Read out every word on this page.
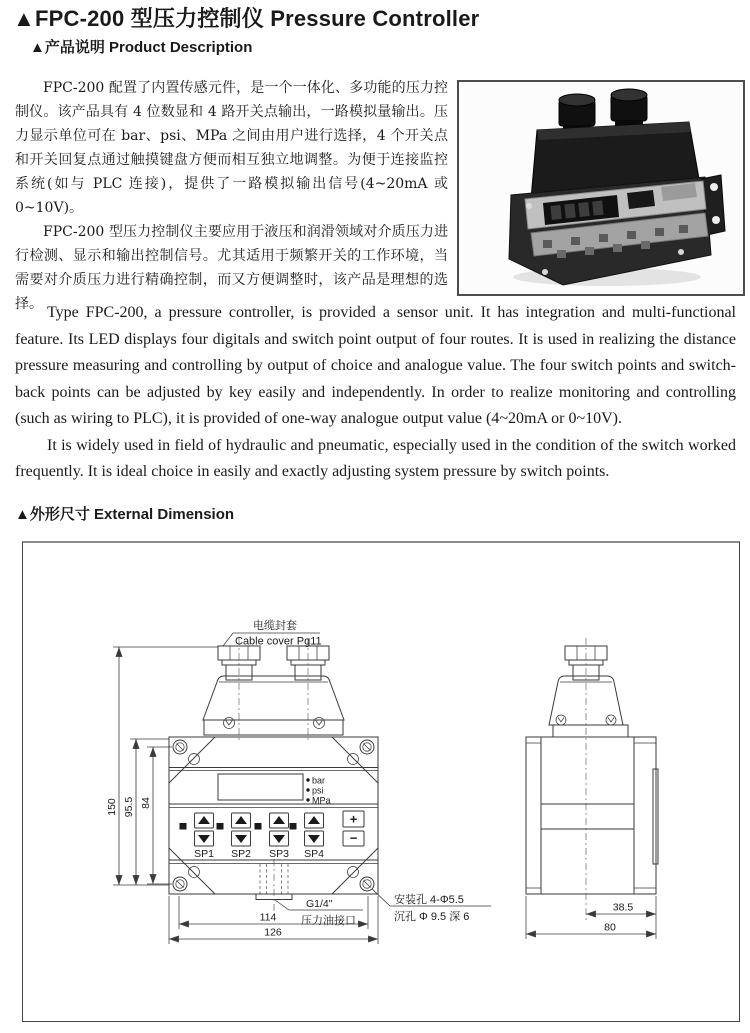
▲FPC-200 型压力控制仪 Pressure Controller
▲产品说明 Product Description

FPC-200 配置了内置传感元件，是一个一体化、多功能的压力控制仪。该产品具有 4 位数显和 4 路开关点输出，一路模拟量输出。压力显示单位可在 bar、psi、MPa 之间由用户进行选择，4 个开关点和开关回复点通过触摸键盘方便而相互独立地调整。为便于连接监控系统(如与 PLC 连接)，提供了一路模拟输出信号(4~20mA 或 0~10V)。

FPC-200 型压力控制仪主要应用于液压和润滑领域对介质压力进行检测、显示和输出控制信号。尤其适用于频繁开关的工作环境，当需要对介质压力进行精确控制，而又方便调整时，该产品是理想的选择。 Type FPC-200, a pressure controller, is provided a sensor unit. It has integration and multi-functional feature. Its LED displays four digitals and switch point output of four routes. It is used in realizing the distance pressure measuring and controlling by output of choice and analogue value. The four switch points and switch-back points can be adjusted by key easily and independently. In order to realize monitoring and controlling (such as wiring to PLC), it is provided of one-way analogue output value (4~20mA or 0~10V).

It is widely used in field of hydraulic and pneumatic, especially used in the condition of the switch worked frequently. It is ideal choice in easily and exactly adjusting system pressure by switch points.

▲外形尺寸 External Dimension
bar
psi
MPa
SP1 SP2 SP3 SP4
+
−
电缆封套
Cable cover Pg11
G1/4"
压力油接口
安装孔 4-Φ5.5
沉孔 Φ 9.5 深 6
150 95.5 84
114
126
38.5
80
